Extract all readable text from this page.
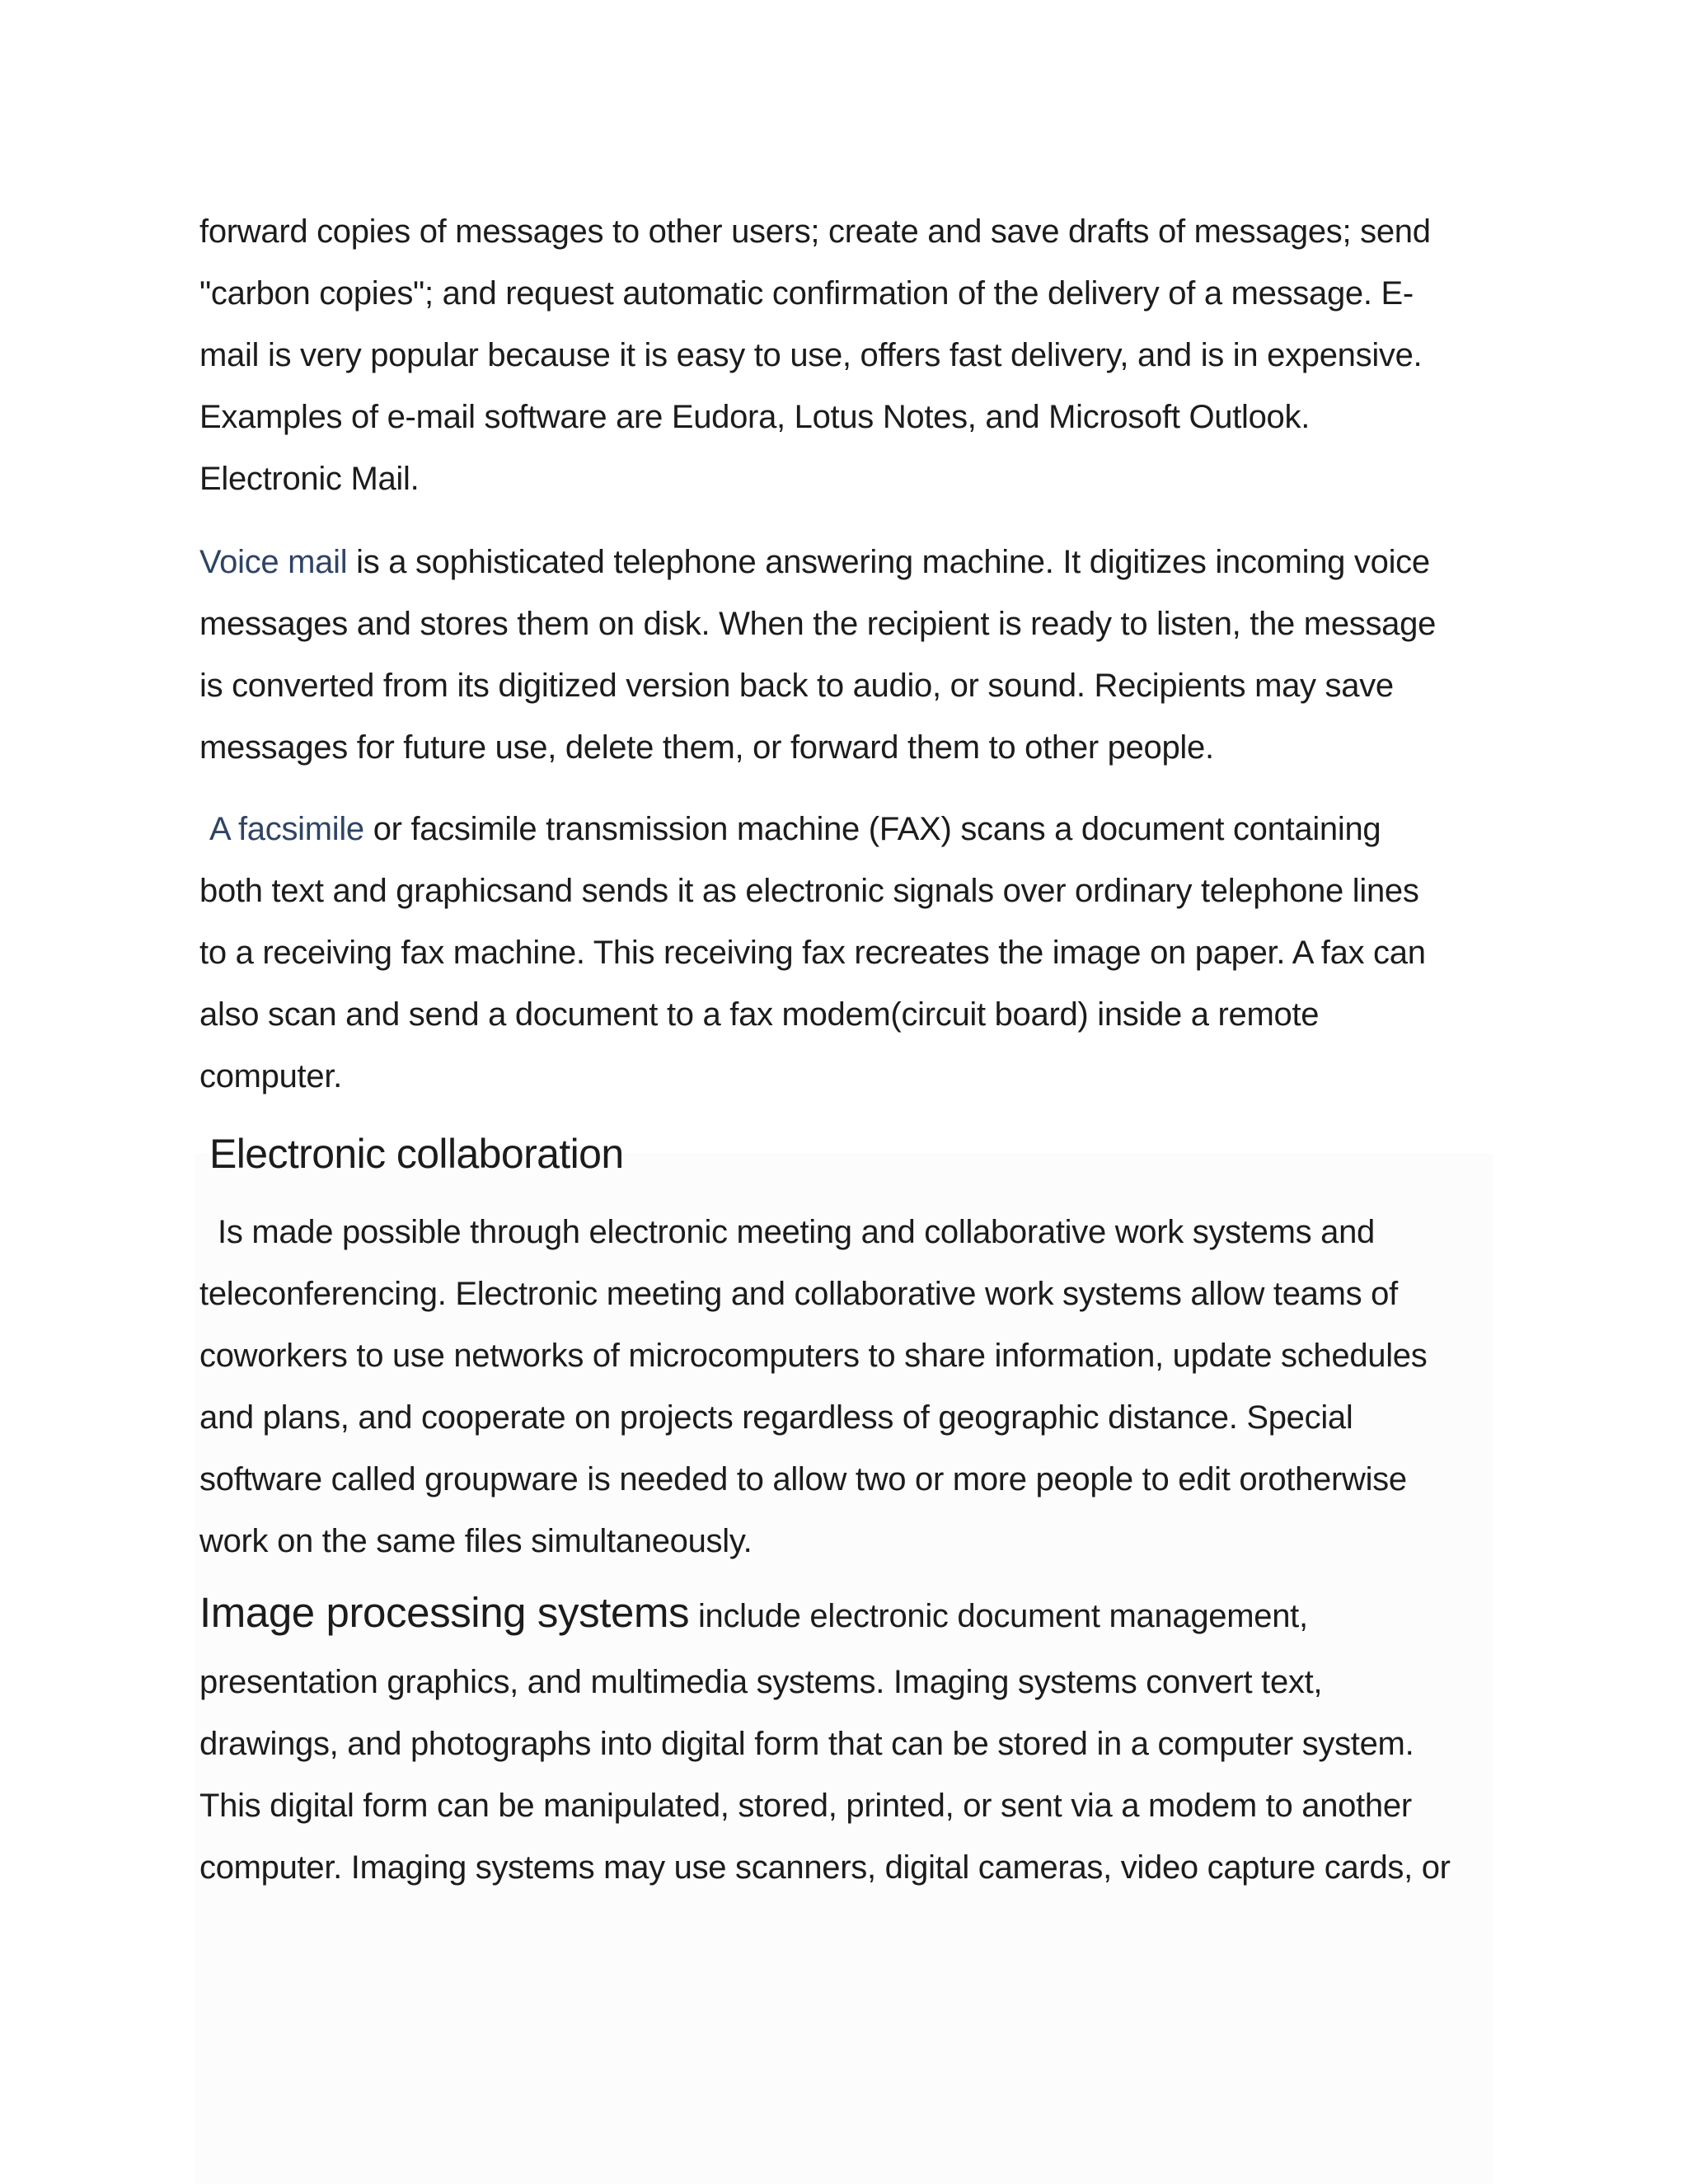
forward copies of messages to other users; create and save drafts of messages; send
"carbon copies"; and request automatic confirmation of the delivery of a message. E-
mail is very popular because it is easy to use, offers fast delivery, and is in expensive.
Examples of e-mail software are Eudora, Lotus Notes, and Microsoft Outlook.
Electronic Mail.

Voice mail is a sophisticated telephone answering machine. It digitizes incoming voice
messages and stores them on disk. When the recipient is ready to listen, the message
is converted from its digitized version back to audio, or sound. Recipients may save
messages for future use, delete them, or forward them to other people.

A facsimile or facsimile transmission machine (FAX) scans a document containing
both text and graphicsand sends it as electronic signals over ordinary telephone lines
to a receiving fax machine. This receiving fax recreates the image on paper. A fax can
also scan and send a document to a fax modem(circuit board) inside a remote
computer.

Electronic collaboration

Is made possible through electronic meeting and collaborative work systems and
teleconferencing. Electronic meeting and collaborative work systems allow teams of
coworkers to use networks of microcomputers to share information, update schedules
and plans, and cooperate on projects regardless of geographic distance. Special
software called groupware is needed to allow two or more people to edit orotherwise
work on the same files simultaneously.

Image processing systems include electronic document management,
presentation graphics, and multimedia systems. Imaging systems convert text,
drawings, and photographs into digital form that can be stored in a computer system.
This digital form can be manipulated, stored, printed, or sent via a modem to another
computer. Imaging systems may use scanners, digital cameras, video capture cards, or
